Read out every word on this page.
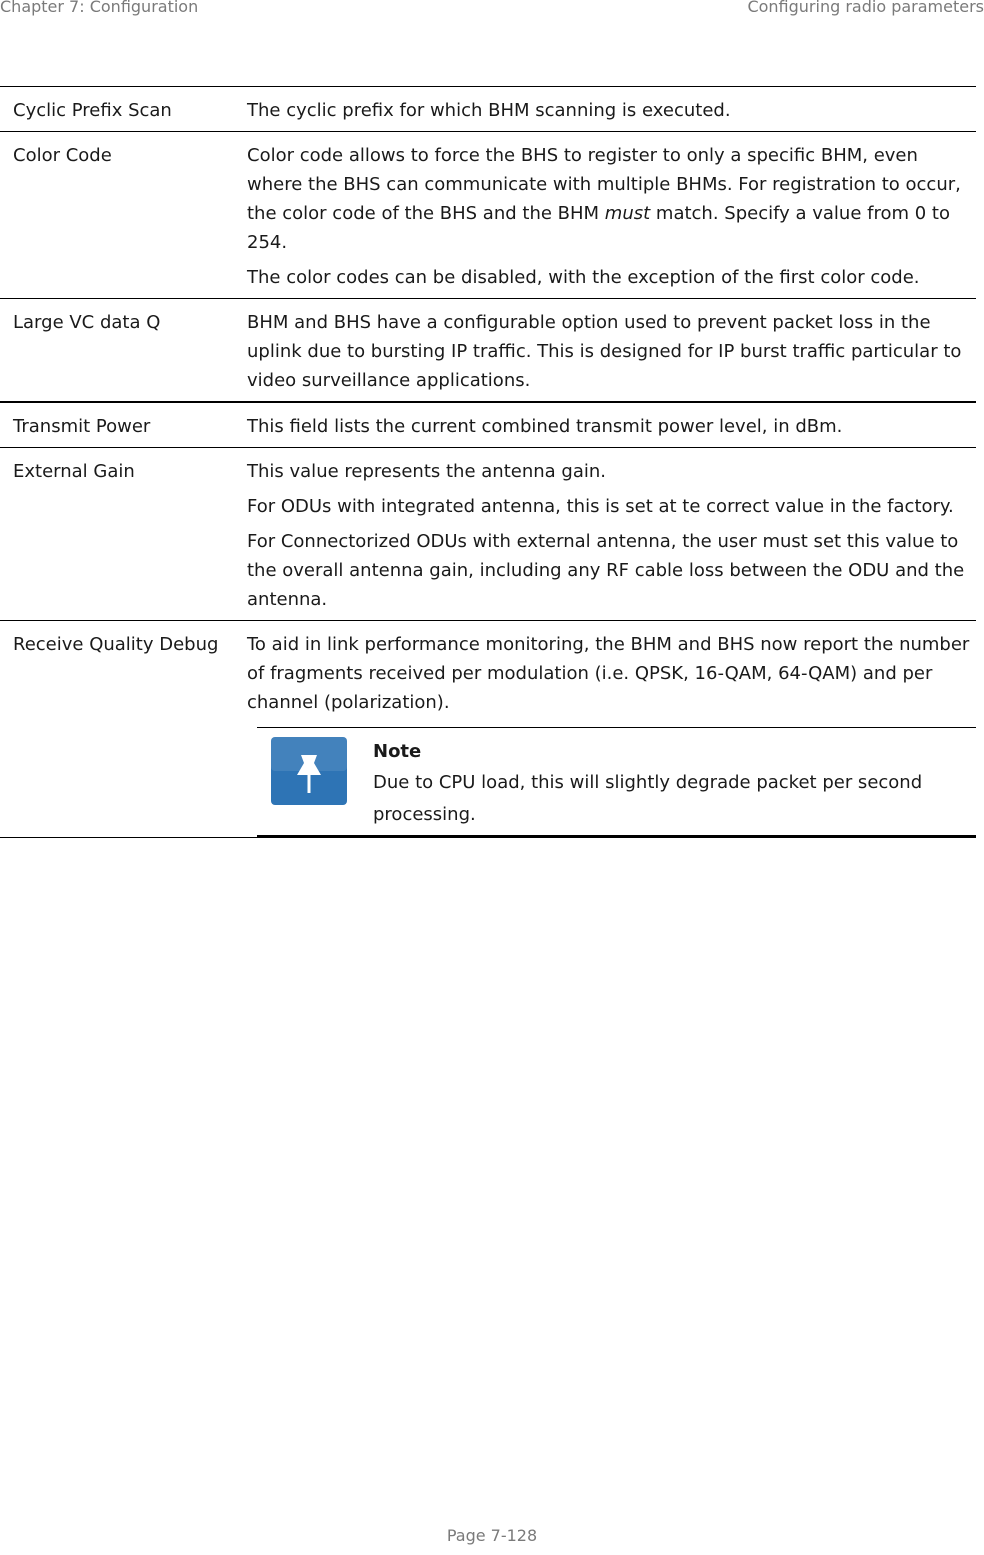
Chapter 7: Configuration	Configuring radio parameters
Cyclic Prefix Scan	The cyclic prefix for which BHM scanning is executed.

Color Code	Color code allows to force the BHS to register to only a specific BHM, even where the BHS can communicate with multiple BHMs. For registration to occur, the color code of the BHS and the BHM must match. Specify a value from 0 to 254.

The color codes can be disabled, with the exception of the first color code.

Large VC data Q	BHM and BHS have a configurable option used to prevent packet loss in the uplink due to bursting IP traffic. This is designed for IP burst traffic particular to video surveillance applications.

Transmit Power	This field lists the current combined transmit power level, in dBm.

External Gain	This value represents the antenna gain.

For ODUs with integrated antenna, this is set at te correct value in the factory.

For Connectorized ODUs with external antenna, the user must set this value to the overall antenna gain, including any RF cable loss between the ODU and the antenna.

Receive Quality Debug	To aid in link performance monitoring, the BHM and BHS now report the number of fragments received per modulation (i.e. QPSK, 16-QAM, 64-QAM) and per channel (polarization).

Note
Due to CPU load, this will slightly degrade packet per second processing.
Page 7-128
